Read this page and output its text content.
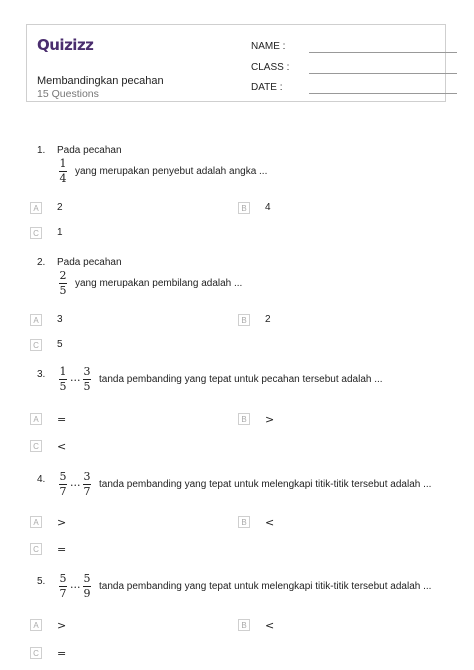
Quizizz
Membandingkan pecahan
15 Questions
NAME :
CLASS :
DATE :
1. Pada pecahan
1
4
yang merupakan penyebut adalah angka ...
A	2	B	4
C	1
2. Pada pecahan
2
5
yang merupakan pembilang adalah ...
A	3	B	2
C	5
3. 1
5 ···
3
5
tanda pembanding yang tepat untuk pecahan tersebut adalah ...
A	=	B	>
C <
4. 5
7 ···
3
7
tanda pembanding yang tepat untuk melengkapi titik-titik tersebut adalah ...
A	>	B	<
C =
5. 5
7 ···
5
9
tanda pembanding yang tepat untuk melengkapi titik-titik tersebut adalah ...
A	>	B	<
C =
